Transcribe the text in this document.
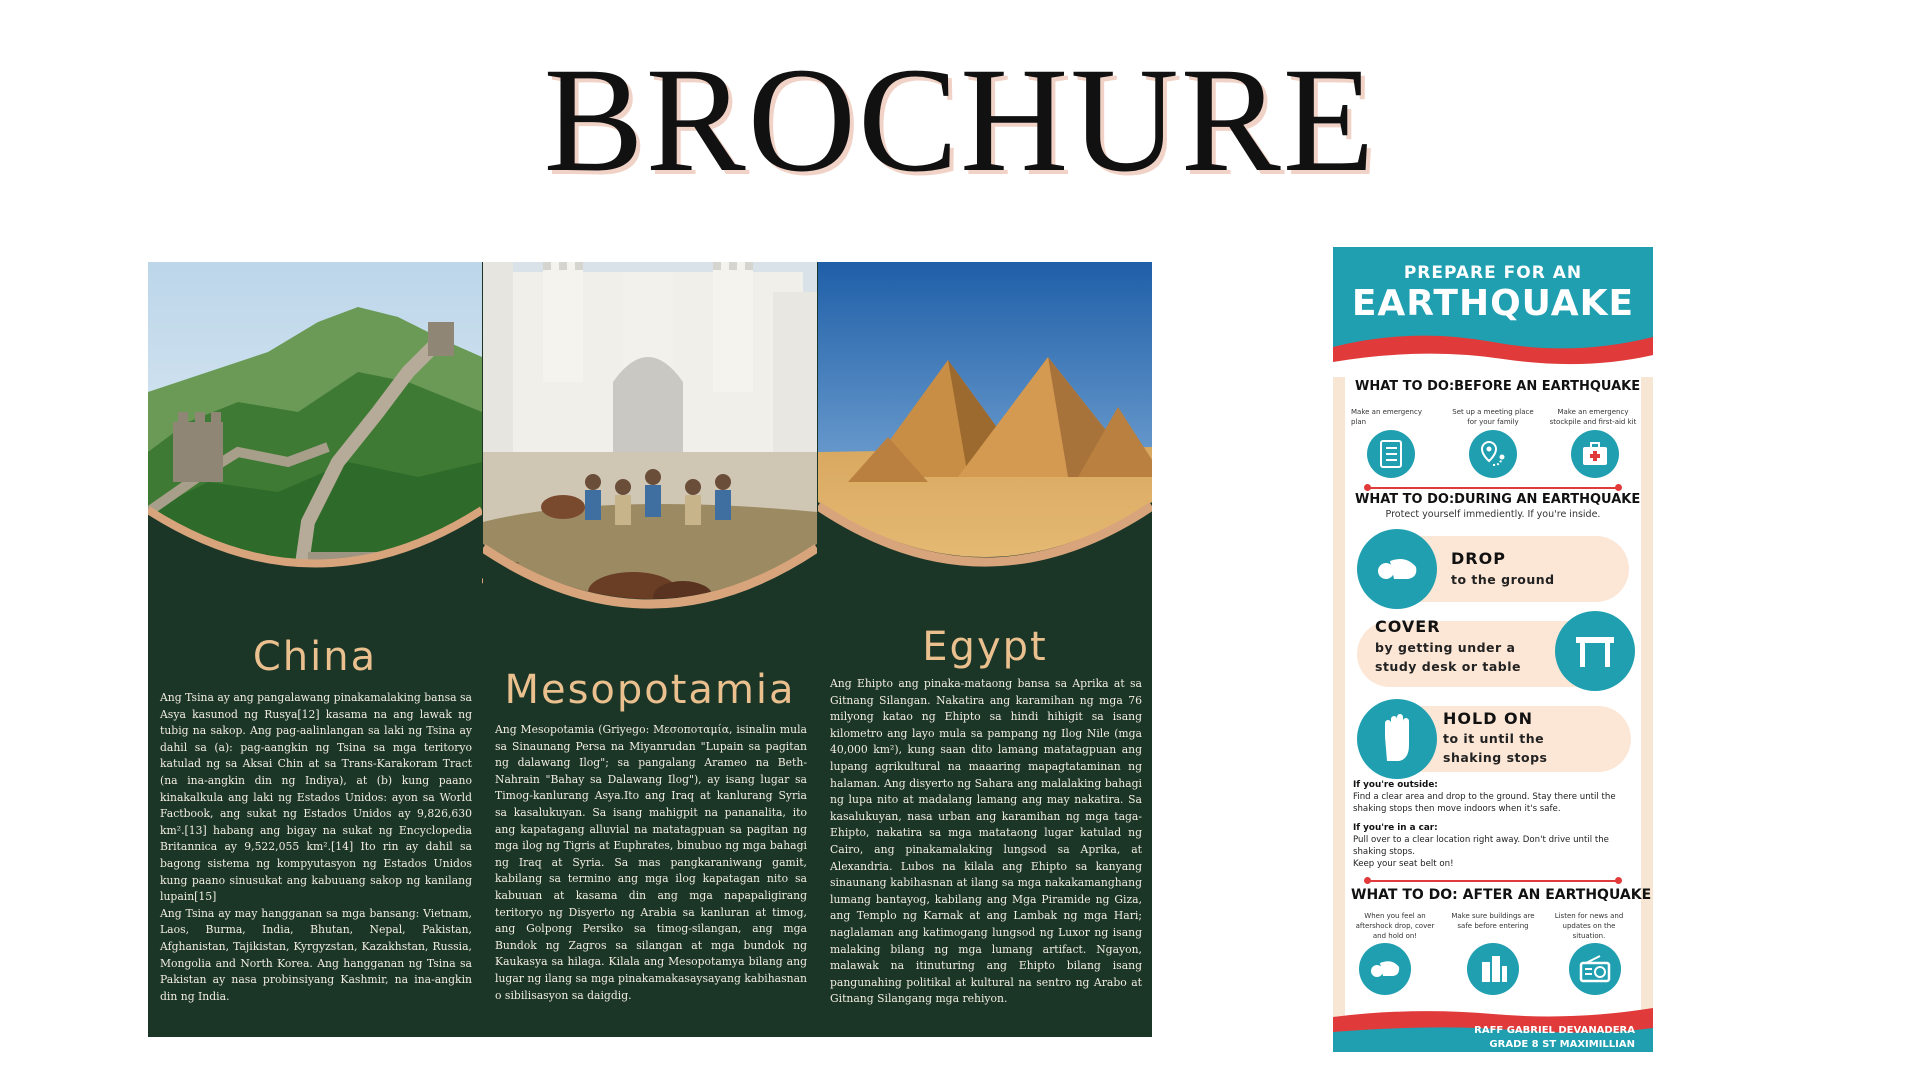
BROCHURE
China

Ang Tsina ay ang pangalawang pinakamalaking bansa sa Asya kasunod ng Rusya[12] kasama na ang lawak ng tubig na sakop. Ang pag-aalinlangan sa laki ng Tsina ay dahil sa (a): pag-aangkin ng Tsina sa mga teritoryo katulad ng sa Aksai Chin at sa Trans-Karakoram Tract (na ina-angkin din ng Indiya), at (b) kung paano kinakalkula ang laki ng Estados Unidos: ayon sa World Factbook, ang sukat ng Estados Unidos ay 9,826,630 km².[13] habang ang bigay na sukat ng Encyclopedia Britannica ay 9,522,055 km².[14] Ito rin ay dahil sa bagong sistema ng kompyutasyon ng Estados Unidos kung paano sinusukat ang kabuuang sakop ng kanilang lupain[15]

Ang Tsina ay may hangganan sa mga bansang: Vietnam, Laos, Burma, India, Bhutan, Nepal, Pakistan, Afghanistan, Tajikistan, Kyrgyzstan, Kazakhstan, Russia, Mongolia and North Korea. Ang hangganan ng Tsina sa Pakistan ay nasa probinsiyang Kashmir, na ina-angkin din ng India.

Mesopotamia

Ang Mesopotamia (Griyego: Μεσοποταμία, isinalin mula sa Sinaunang Persa na Miyanrudan "Lupain sa pagitan ng dalawang Ilog"; sa pangalang Arameo na Beth-Nahrain "Bahay sa Dalawang Ilog"), ay isang lugar sa Timog-kanlurang Asya.Ito ang Iraq at kanlurang Syria sa kasalukuyan. Sa isang mahigpit na pananalita, ito ang kapatagang alluvial na matatagpuan sa pagitan ng mga ilog ng Tigris at Euphrates, binubuo ng mga bahagi ng Iraq at Syria. Sa mas pangkaraniwang gamit, kabilang sa termino ang mga ilog kapatagan nito sa kabuuan at kasama din ang mga napapaligirang teritoryo ng Disyerto ng Arabia sa kanluran at timog, ang Golpong Persiko sa timog-silangan, ang mga Bundok ng Zagros sa silangan at mga bundok ng Kaukasya sa hilaga. Kilala ang Mesopotamya bilang ang lugar ng ilang sa mga pinakamakasaysayang kabihasnan o sibilisasyon sa daigdig.

Egypt

Ang Ehipto ang pinaka-mataong bansa sa Aprika at sa Gitnang Silangan. Nakatira ang karamihan ng mga 76 milyong katao ng Ehipto sa hindi hihigit sa isang kilometro ang layo mula sa pampang ng Ilog Nile (mga 40,000 km²), kung saan dito lamang matatagpuan ang lupang agrikultural na maaaring mapagtataminan ng halaman. Ang disyerto ng Sahara ang malalaking bahagi ng lupa nito at madalang lamang ang may nakatira. Sa kasalukuyan, nasa urban ang karamihan ng mga taga-Ehipto, nakatira sa mga matataong lugar katulad ng Cairo, ang pinakamalaking lungsod sa Aprika, at Alexandria. Lubos na kilala ang Ehipto sa kanyang sinaunang kabihasnan at ilang sa mga nakakamanghang lumang bantayog, kabilang ang Mga Piramide ng Giza, ang Templo ng Karnak at ang Lambak ng mga Hari; naglalaman ang katimogang lungsod ng Luxor ng isang malaking bilang ng mga lumang artifact. Ngayon, malawak na itinuturing ang Ehipto bilang isang pangunahing politikal at kultural na sentro ng Arabo at Gitnang Silangang mga rehiyon.

PREPARE FOR AN
EARTHQUAKE
WHAT TO DO:BEFORE AN EARTHQUAKE
Make an emergency plan
Set up a meeting place for your family
Make an emergency stockpile and first-aid kit
WHAT TO DO:DURING AN EARTHQUAKE
Protect yourself immediently. If you're inside.
DROP
to the ground
COVER
by getting under a
study desk or table
HOLD ON
to it until the
shaking stops
If you're outside:
Find a clear area and drop to the ground. Stay there until the shaking stops then move indoors when it's safe.
If you're in a car:
Pull over to a clear location right away. Don't drive until the shaking stops.
Keep your seat belt on!
WHAT TO DO: AFTER AN EARTHQUAKE
When you feel an aftershock drop, cover and hold on!
Make sure buildings are safe before entering
Listen for news and updates on the situation.
RAFF GABRIEL DEVANADERA
GRADE 8 ST MAXIMILLIAN
